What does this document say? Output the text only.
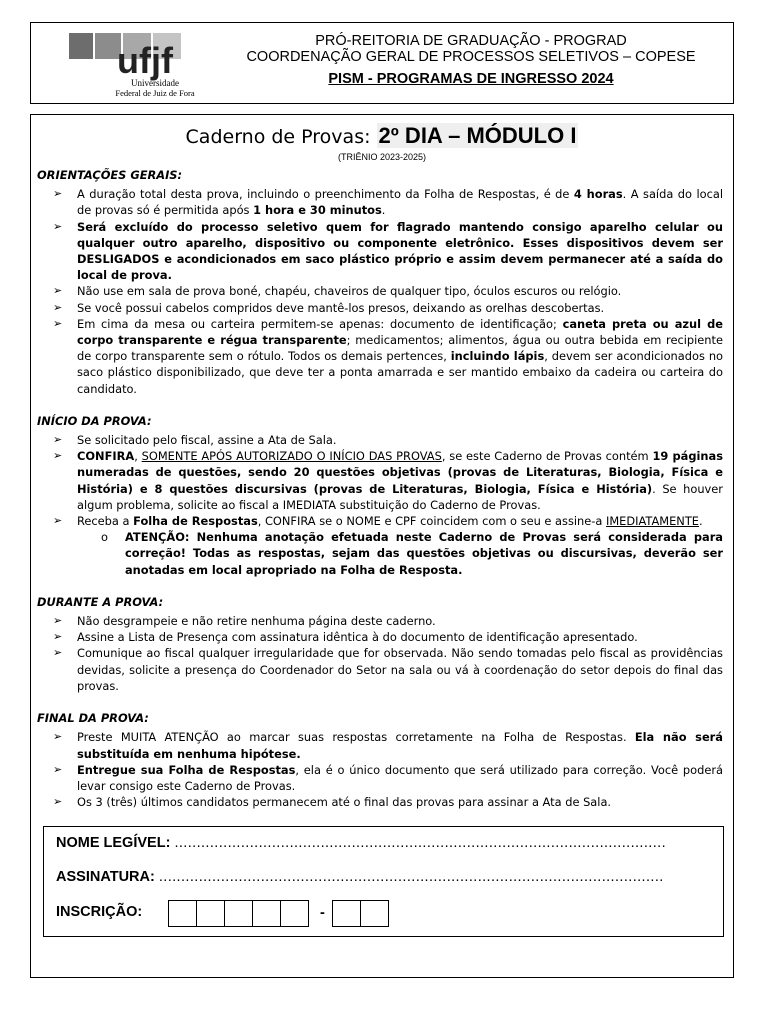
ufjf
Universidade
Federal de Juiz de Fora
PRÓ-REITORIA DE GRADUAÇÃO - PROGRAD
COORDENAÇÃO GERAL DE PROCESSOS SELETIVOS – COPESE
PISM - PROGRAMAS DE INGRESSO 2024
Caderno de Provas: 2º DIA – MÓDULO I
(TRIÊNIO 2023-2025)
ORIENTAÇÕES GERAIS:
➢ A duração total desta prova, incluindo o preenchimento da Folha de Respostas, é de 4 horas. A saída do local de provas só é permitida após 1 hora e 30 minutos.
➢ Será excluído do processo seletivo quem for flagrado mantendo consigo aparelho celular ou qualquer outro aparelho, dispositivo ou componente eletrônico. Esses dispositivos devem ser DESLIGADOS e acondicionados em saco plástico próprio e assim devem permanecer até a saída do local de prova.
➢ Não use em sala de prova boné, chapéu, chaveiros de qualquer tipo, óculos escuros ou relógio.
➢ Se você possui cabelos compridos deve mantê-los presos, deixando as orelhas descobertas.
➢ Em cima da mesa ou carteira permitem-se apenas: documento de identificação; caneta preta ou azul de corpo transparente e régua transparente; medicamentos; alimentos, água ou outra bebida em recipiente de corpo transparente sem o rótulo. Todos os demais pertences, incluindo lápis, devem ser acondicionados no saco plástico disponibilizado, que deve ter a ponta amarrada e ser mantido embaixo da cadeira ou carteira do candidato.
INÍCIO DA PROVA:
➢ Se solicitado pelo fiscal, assine a Ata de Sala.
➢ CONFIRA, SOMENTE APÓS AUTORIZADO O INÍCIO DAS PROVAS, se este Caderno de Provas contém 19 páginas numeradas de questões, sendo 20 questões objetivas (provas de Literaturas, Biologia, Física e História) e 8 questões discursivas (provas de Literaturas, Biologia, Física e História). Se houver algum problema, solicite ao fiscal a IMEDIATA substituição do Caderno de Provas.
➢ Receba a Folha de Respostas, CONFIRA se o NOME e CPF coincidem com o seu e assine-a IMEDIATAMENTE.
o ATENÇÃO: Nenhuma anotação efetuada neste Caderno de Provas será considerada para correção! Todas as respostas, sejam das questões objetivas ou discursivas, deverão ser anotadas em local apropriado na Folha de Resposta.
DURANTE A PROVA:
➢ Não desgrampeie e não retire nenhuma página deste caderno.
➢ Assine a Lista de Presença com assinatura idêntica à do documento de identificação apresentado.
➢ Comunique ao fiscal qualquer irregularidade que for observada. Não sendo tomadas pelo fiscal as providências devidas, solicite a presença do Coordenador do Setor na sala ou vá à coordenação do setor depois do final das provas.
FINAL DA PROVA:
➢ Preste MUITA ATENÇÃO ao marcar suas respostas corretamente na Folha de Respostas. Ela não será substituída em nenhuma hipótese.
➢ Entregue sua Folha de Respostas, ela é o único documento que será utilizado para correção. Você poderá levar consigo este Caderno de Provas.
➢ Os 3 (três) últimos candidatos permanecem até o final das provas para assinar a Ata de Sala.
NOME LEGÍVEL: ...............................................................................................................
ASSINATURA: ..................................................................................................................
INSCRIÇÃO:	-
